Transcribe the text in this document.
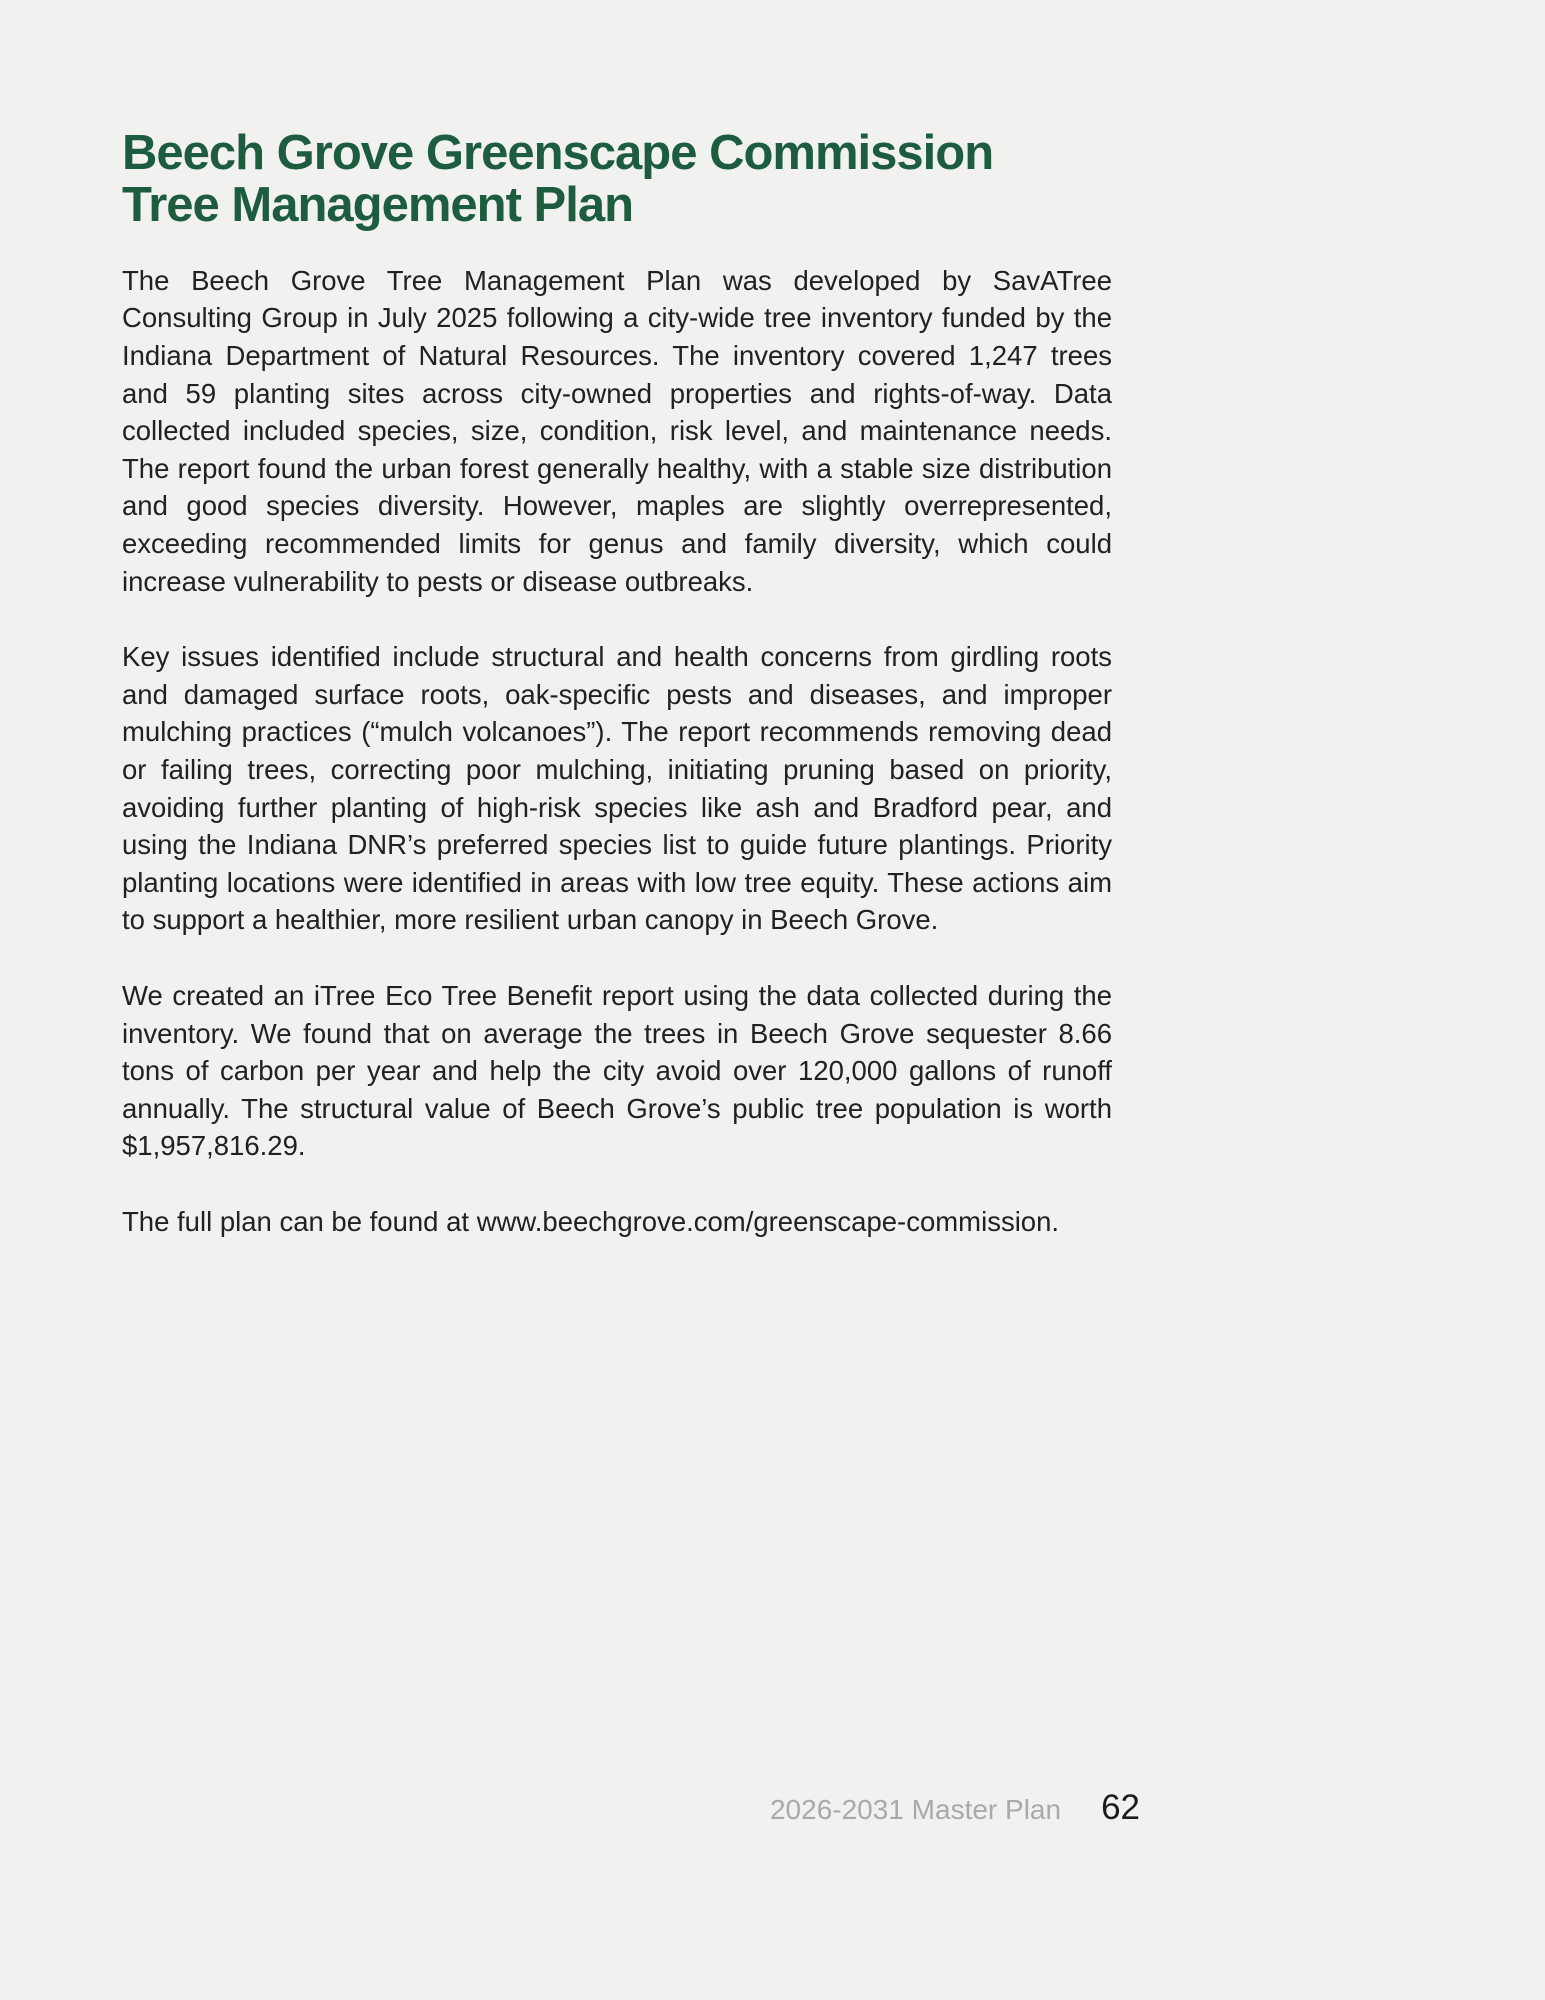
Beech Grove Greenscape Commission
Tree Management Plan

The Beech Grove Tree Management Plan was developed by SavATree Consulting Group in July 2025 following a city-wide tree inventory funded by the Indiana Department of Natural Resources. The inventory covered 1,247 trees and 59 planting sites across city-owned properties and rights-of-way. Data collected included species, size, condition, risk level, and maintenance needs. The report found the urban forest generally healthy, with a stable size distribution and good species diversity. However, maples are slightly overrepresented, exceeding recommended limits for genus and family diversity, which could increase vulnerability to pests or disease outbreaks.

Key issues identified include structural and health concerns from girdling roots and damaged surface roots, oak-specific pests and diseases, and improper mulching practices (“mulch volcanoes”). The report recommends removing dead or failing trees, correcting poor mulching, initiating pruning based on priority, avoiding further planting of high-risk species like ash and Bradford pear, and using the Indiana DNR’s preferred species list to guide future plantings. Priority planting locations were identified in areas with low tree equity. These actions aim to support a healthier, more resilient urban canopy in Beech Grove.

We created an iTree Eco Tree Benefit report using the data collected during the inventory. We found that on average the trees in Beech Grove sequester 8.66 tons of carbon per year and help the city avoid over 120,000 gallons of runoff annually. The structural value of Beech Grove’s public tree population is worth $1,957,816.29.

The full plan can be found at www.beechgrove.com/greenscape-commission.

2026-2031 Master Plan 62
